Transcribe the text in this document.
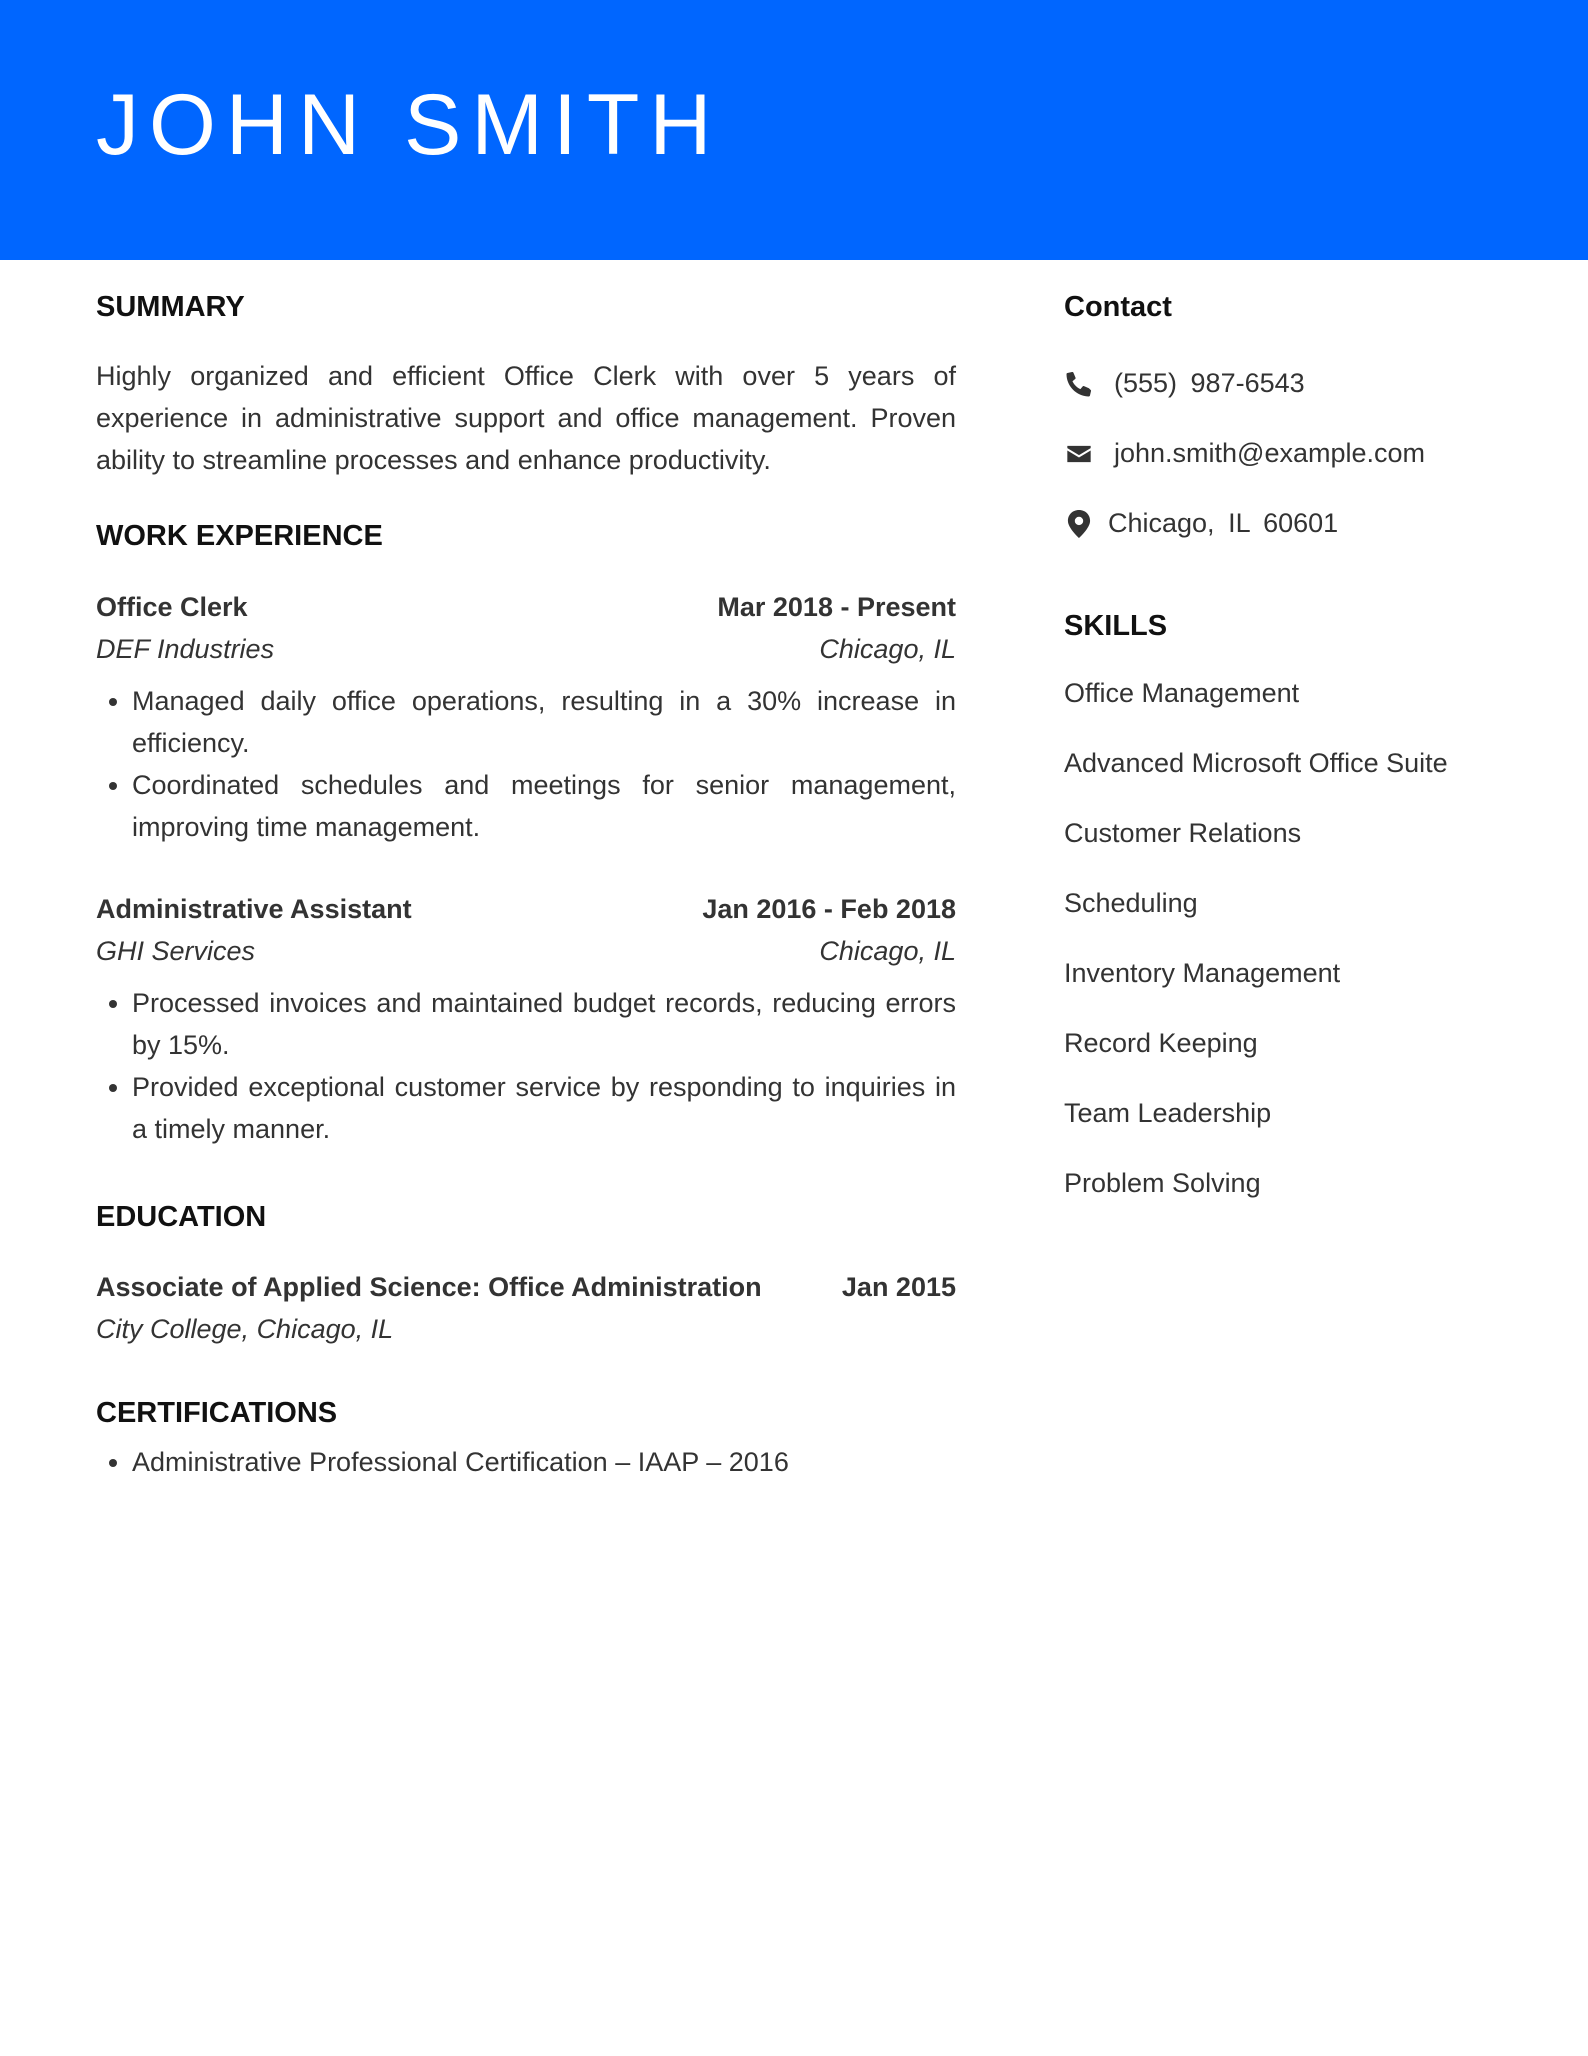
JOHN SMITH
SUMMARY

Highly organized and efficient Office Clerk with over 5 years of experience in administrative support and office management. Proven ability to streamline processes and enhance productivity.

WORK EXPERIENCE
Office Clerk	Mar 2018 - Present
DEF Industries	Chicago, IL
• Managed daily office operations, resulting in a 30% increase in efficiency.
• Coordinated schedules and meetings for senior management, improving time management.
Administrative Assistant	Jan 2016 - Feb 2018
GHI Services	Chicago, IL
• Processed invoices and maintained budget records, reducing errors by 15%.
• Provided exceptional customer service by responding to inquiries in a timely manner.
EDUCATION
Associate of Applied Science: Office Administration	Jan 2015
City College, Chicago, IL
CERTIFICATIONS
• Administrative Professional Certification – IAAP – 2016
Contact
(555) 987-6543
john.smith@example.com
Chicago, IL 60601
SKILLS
Office Management
Advanced Microsoft Office Suite
Customer Relations
Scheduling
Inventory Management
Record Keeping
Team Leadership
Problem Solving
